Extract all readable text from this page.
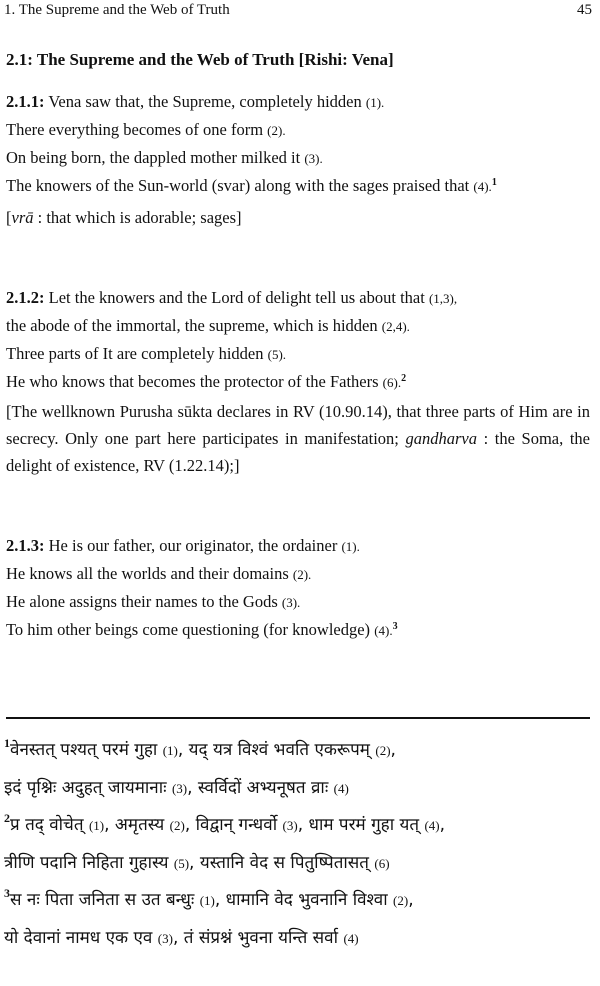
1. The Supreme and the Web of Truth	45
2.1: The Supreme and the Web of Truth [Rishi: Vena]
2.1.1: Vena saw that, the Supreme, completely hidden (1).
There everything becomes of one form (2).
On being born, the dappled mother milked it (3).
The knowers of the Sun-world (svar) along with the sages praised that (4).$^1$
[vrā : that which is adorable; sages]
2.1.2: Let the knowers and the Lord of delight tell us about that (1,3),
the abode of the immortal, the supreme, which is hidden (2,4).
Three parts of It are completely hidden (5).
He who knows that becomes the protector of the Fathers (6).$^2$
[The wellknown Purusha sūkta declares in RV (10.90.14), that three parts of Him are in secrecy. Only one part here participates in manifestation; gandharva : the Soma, the delight of existence, RV (1.22.14);]
2.1.3: He is our father, our originator, the ordainer (1).
He knows all the worlds and their domains (2).
He alone assigns their names to the Gods (3).
To him other beings come questioning (for knowledge) (4).$^3$
$^1$वेनस्तत् पश्यत् परमं गुहा (1), यद् यत्र विश्वं भवति एकरूपम् (2),
इदं पृश्निः अदुहत् जायमानाः (3), स्वर्विदों अभ्यनूषत व्राः (4)
$^2$प्र तद् वोचेत् (1), अमृतस्य (2), विद्वान् गन्धर्वो (3), धाम परमं गुहा यत् (4),
त्रीणि पदानि निहिता गुहास्य (5), यस्तानि वेद स पितुष्पितासत् (6)
$^3$स नः पिता जनिता स उत बन्धुः (1), धामानि वेद भुवनानि विश्वा (2),
यो देवानां नामध एक एव (3), तं संप्रश्नं भुवना यन्ति सर्वा (4)
